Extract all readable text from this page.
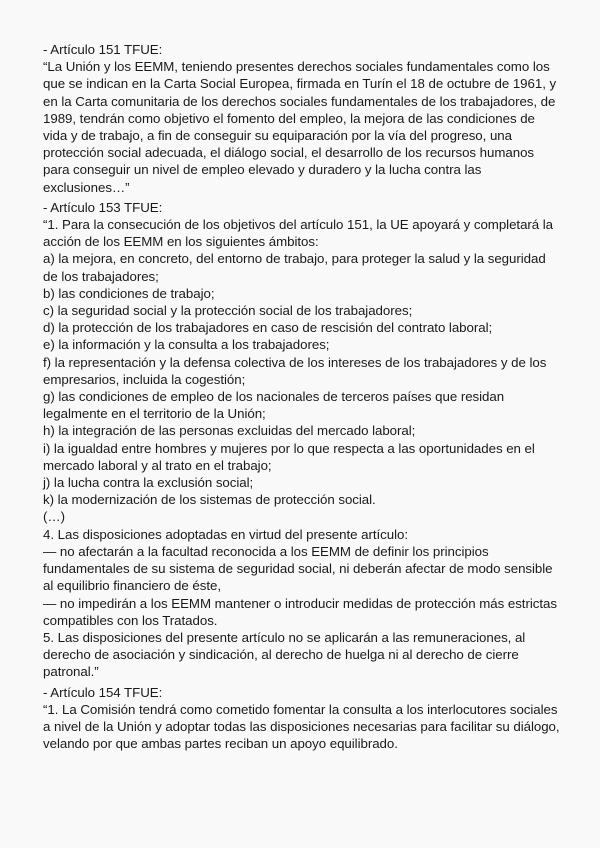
- Artículo 151 TFUE:
“La Unión y los EEMM, teniendo presentes derechos sociales fundamentales como los
que se indican en la Carta Social Europea, firmada en Turín el 18 de octubre de 1961, y
en la Carta comunitaria de los derechos sociales fundamentales de los trabajadores, de
1989, tendrán como objetivo el fomento del empleo, la mejora de las condiciones de
vida y de trabajo, a fin de conseguir su equiparación por la vía del progreso, una
protección social adecuada, el diálogo social, el desarrollo de los recursos humanos
para conseguir un nivel de empleo elevado y duradero y la lucha contra las
exclusiones…”
- Artículo 153 TFUE:
“1. Para la consecución de los objetivos del artículo 151, la UE apoyará y completará la
acción de los EEMM en los siguientes ámbitos:
a) la mejora, en concreto, del entorno de trabajo, para proteger la salud y la seguridad
de los trabajadores;
b) las condiciones de trabajo;
c) la seguridad social y la protección social de los trabajadores;
d) la protección de los trabajadores en caso de rescisión del contrato laboral;
e) la información y la consulta a los trabajadores;
f) la representación y la defensa colectiva de los intereses de los trabajadores y de los
empresarios, incluida la cogestión;
g) las condiciones de empleo de los nacionales de terceros países que residan
legalmente en el territorio de la Unión;
h) la integración de las personas excluidas del mercado laboral;
i) la igualdad entre hombres y mujeres por lo que respecta a las oportunidades en el
mercado laboral y al trato en el trabajo;
j) la lucha contra la exclusión social;
k) la modernización de los sistemas de protección social.
(…)
4. Las disposiciones adoptadas en virtud del presente artículo:
— no afectarán a la facultad reconocida a los EEMM de definir los principios
fundamentales de su sistema de seguridad social, ni deberán afectar de modo sensible
al equilibrio financiero de éste,
— no impedirán a los EEMM mantener o introducir medidas de protección más estrictas
compatibles con los Tratados.
5. Las disposiciones del presente artículo no se aplicarán a las remuneraciones, al
derecho de asociación y sindicación, al derecho de huelga ni al derecho de cierre
patronal.”
- Artículo 154 TFUE:
“1. La Comisión tendrá como cometido fomentar la consulta a los interlocutores sociales
a nivel de la Unión y adoptar todas las disposiciones necesarias para facilitar su diálogo,
velando por que ambas partes reciban un apoyo equilibrado.
